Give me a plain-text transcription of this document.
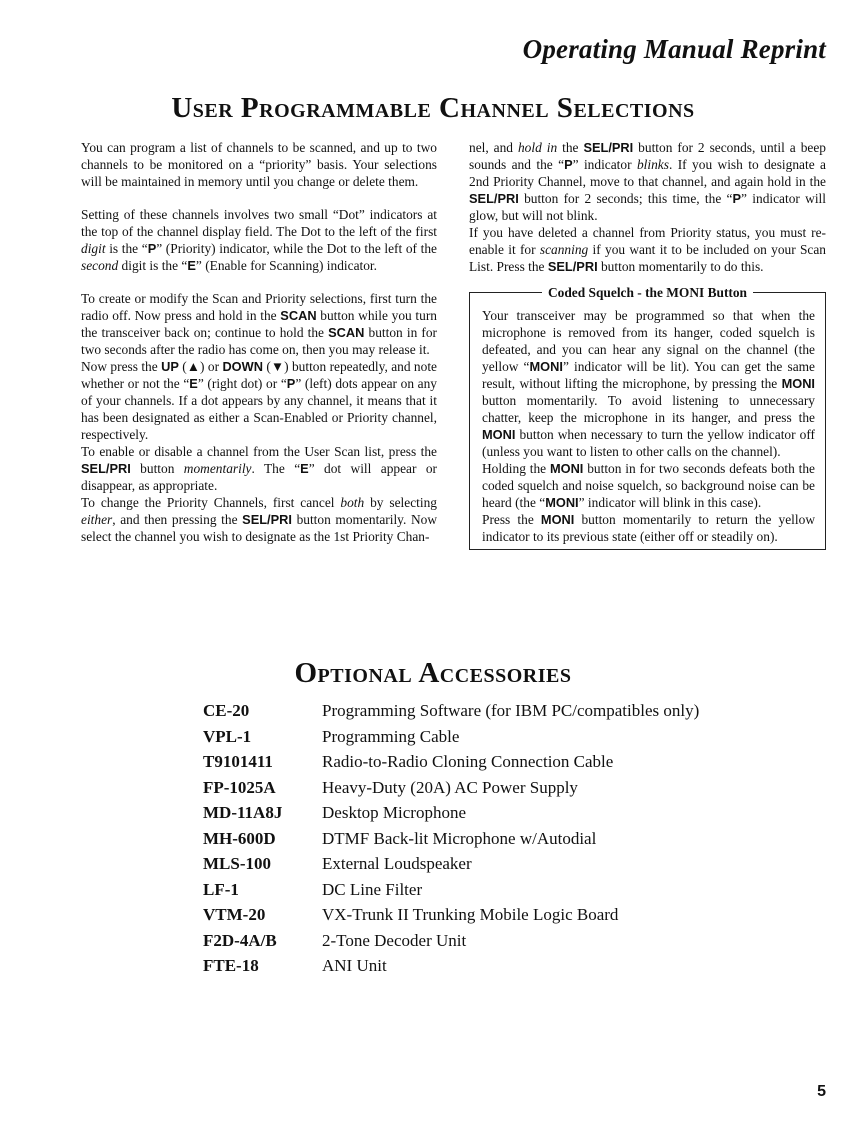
Operating Manual Reprint
User Programmable Channel Selections

You can program a list of channels to be scanned, and up to two channels to be monitored on a “priority” basis. Your selections will be maintained in memory until you change or delete them.

Setting of these channels involves two small “Dot” indicators at the top of the channel display field. The Dot to the left of the first digit is the “P” (Priority) indicator, while the Dot to the left of the second digit is the “E” (Enable for Scanning) indicator.

To create or modify the Scan and Priority selections, first turn the radio off. Now press and hold in the SCAN button while you turn the transceiver back on; continue to hold the SCAN button in for two seconds after the radio has come on, then you may release it.

Now press the UP (▲) or DOWN (▼) button repeatedly, and note whether or not the “E” (right dot) or “P” (left) dots appear on any of your channels. If a dot appears by any channel, it means that it has been designated as either a Scan-Enabled or Priority channel, respectively.

To enable or disable a channel from the User Scan list, press the SEL/PRI button momentarily. The “E” dot will appear or disappear, as appropriate.

To change the Priority Channels, first cancel both by selecting either, and then pressing the SEL/PRI button momentarily. Now select the channel you wish to designate as the 1st Priority Chan-

nel, and hold in the SEL/PRI button for 2 seconds, until a beep sounds and the “P” indicator blinks. If you wish to designate a 2nd Priority Channel, move to that channel, and again hold in the SEL/PRI button for 2 seconds; this time, the “P” indicator will glow, but will not blink.

If you have deleted a channel from Priority status, you must re-enable it for scanning if you want it to be included on your Scan List. Press the SEL/PRI button momentarily to do this.

Coded Squelch - the MONI Button

Your transceiver may be programmed so that when the microphone is removed from its hanger, coded squelch is defeated, and you can hear any signal on the channel (the yellow “MONI” indicator will be lit). You can get the same result, without lifting the microphone, by pressing the MONI button momentarily. To avoid listening to unnecessary chatter, keep the microphone in its hanger, and press the MONI button when necessary to turn the yellow indicator off (unless you want to listen to other calls on the channel).

Holding the MONI button in for two seconds defeats both the coded squelch and noise squelch, so background noise can be heard (the “MONI” indicator will blink in this case).

Press the MONI button momentarily to return the yellow indicator to its previous state (either off or steadily on).

Optional Accessories
CE-20	Programming Software (for IBM PC/compatibles only)
VPL-1	Programming Cable
T9101411	Radio-to-Radio Cloning Connection Cable
FP-1025A	Heavy-Duty (20A) AC Power Supply
MD-11A8J Desktop Microphone
MH-600D	DTMF Back-lit Microphone w/Autodial
MLS-100	External Loudspeaker
LF-1	DC Line Filter
VTM-20	VX-Trunk II Trunking Mobile Logic Board
F2D-4A/B	2-Tone Decoder Unit
FTE-18	ANI Unit
5
